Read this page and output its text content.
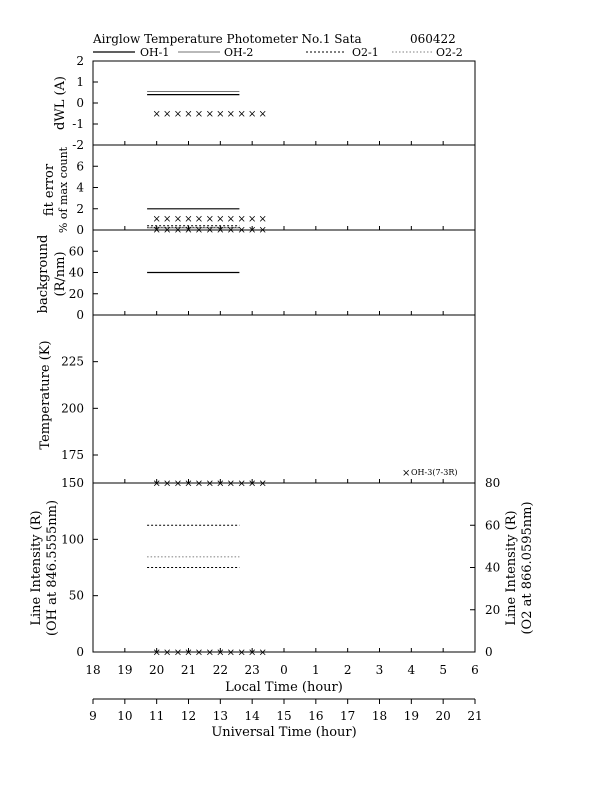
Airglow Temperature Photometer No.1 Sata	060422
OH-1	OH-2	O2-1	O2-2
dWL (A)
fit error % of max count
background (R/nm)
Temperature (K)
Line Intensity (R) (OH at 846.5555nm)	Line Intensity (R) (O2 at 866.0595nm)
× OH-3(7-3R)
Local Time (hour)
Universal Time (hour)
2
1
0
-1
-2
× × × × × × × × × × ×
6
4
2
0
× × × × × × × × × × ×
× × × × × × × × × × ×
60
40
20
0
225
200
175
150
100
50
0
80
60
40
20
0
× × × × × × × × × × ×
× × × × × × × × × × ×
18
9
19
10
20
11
21
12
22
13
23
14
0
15
1
16
2
17
3
18
4
19
5
20
6
21
